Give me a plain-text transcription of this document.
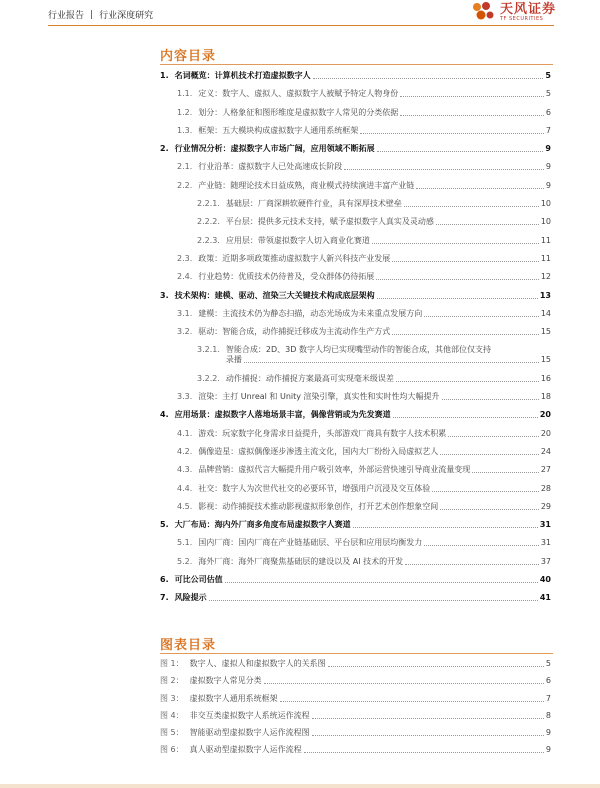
行业报告 | 行业深度研究	天风证券
TF SECURITIES
内容目录
1. 名词概览：计算机技术打造虚拟数字人	5
1.1. 定义：数字人、虚拟人、虚拟数字人被赋予特定人物身份	5
1.2. 划分：人格象征和图形维度是虚拟数字人常见的分类依据	6
1.3. 框架：五大模块构成虚拟数字人通用系统框架	7
2. 行业情况分析：虚拟数字人市场广阔，应用领域不断拓展	9
2.1. 行业沿革：虚拟数字人已处高速成长阶段	9
2.2. 产业链：随理论技术日益成熟，商业模式持续演进丰富产业链	9
2.2.1. 基础层：厂商深耕软硬件行业，具有深厚技术壁垒	10
2.2.2. 平台层：提供多元技术支持，赋予虚拟数字人真实及灵动感	10
2.2.3. 应用层：带领虚拟数字人切入商业化赛道	11
2.3. 政策：近期多项政策推动虚拟数字人新兴科技产业发展	11
2.4. 行业趋势：优质技术仍待普及，受众群体仍待拓展	12
3. 技术架构：建模、驱动、渲染三大关键技术构成底层架构	13
3.1. 建模：主流技术仍为静态扫描，动态光场成为未来重点发展方向	14
3.2. 驱动：智能合成，动作捕捉迁移成为主流动作生产方式	15
3.2.1. 智能合成：2D、3D 数字人均已实现嘴型动作的智能合成，其他部位仅支持
录播	15
3.2.2. 动作捕捉：动作捕捉方案最高可实现毫米级误差	16
3.3. 渲染：主打 Unreal 和 Unity 渲染引擎，真实性和实时性均大幅提升	18
4. 应用场景：虚拟数字人落地场景丰富，偶像营销或为先发赛道	20
4.1. 游戏：玩家数字化身需求日益提升，头部游戏厂商具有数字人技术积累	20
4.2. 偶像造星：虚拟偶像逐步渗透主流文化，国内大厂纷纷入局虚拟艺人	24
4.3. 品牌营销：虚拟代言大幅提升用户吸引效率，外部运营快速引导商业流量变现	27
4.4. 社交：数字人为次世代社交的必要环节，增强用户沉浸及交互体验	28
4.5. 影视：动作捕捉技术推动影视虚拟形象创作，打开艺术创作想象空间	29
5. 大厂布局：海内外厂商多角度布局虚拟数字人赛道	31
5.1. 国内厂商：国内厂商在产业链基础层、平台层和应用层均衡发力	31
5.2. 海外厂商：海外厂商聚焦基础层的建设以及 AI 技术的开发	37
6. 可比公司估值	40
7. 风险提示	41
图表目录
图 1： 数字人、虚拟人和虚拟数字人的关系图	5
图 2： 虚拟数字人常见分类	6
图 3： 虚拟数字人通用系统框架	7
图 4： 非交互类虚拟数字人系统运作流程	8
图 5： 智能驱动型虚拟数字人运作流程图	9
图 6： 真人驱动型虚拟数字人运作流程	9
